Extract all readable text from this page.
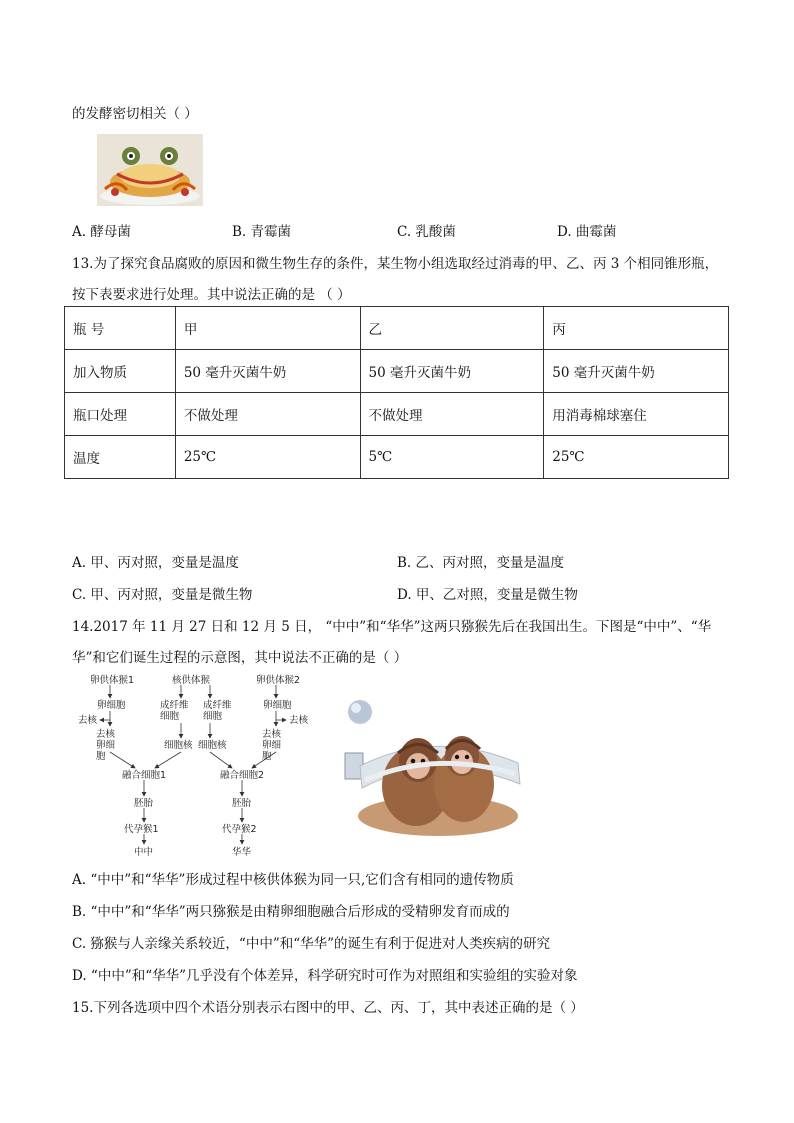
的发酵密切相关（ ）
A. 酵母菌	B. 青霉菌	C. 乳酸菌	D. 曲霉菌
13.为了探究食品腐败的原因和微生物生存的条件，某生物小组选取经过消毒的甲、乙、丙 3 个相同锥形瓶，
按下表要求进行处理。其中说法正确的是 （ ）
瓶 号	甲	乙	丙
加入物质	50 毫升灭菌牛奶	50 毫升灭菌牛奶	50 毫升灭菌牛奶
瓶口处理	不做处理	不做处理	用消毒棉球塞住
温度	25℃	5℃	25℃
A. 甲、丙对照，变量是温度	B. 乙、丙对照，变量是温度
C. 甲、丙对照，变量是微生物	D. 甲、乙对照，变量是微生物
14.2017 年 11 月 27 日和 12 月 5 日， “中中”和“华华”这两只猕猴先后在我国出生。下图是“中中”、“华
华”和它们诞生过程的示意图，其中说法不正确的是（ ）
卵供体猴1	核供体猴	卵供体猴2
卵细胞	成纤维细胞
成纤维细胞
卵细胞
去核	去核
去核卵细胞
细胞核 细胞核
去核卵细胞
融合细胞1	融合细胞2
胚胎	胚胎
代孕猴1	代孕猴2
中中	华华
A. “中中”和“华华”形成过程中核供体猴为同一只,它们含有相同的遗传物质
B. “中中”和“华华”两只猕猴是由精卵细胞融合后形成的受精卵发育而成的
C. 猕猴与人亲缘关系较近，“中中”和“华华”的诞生有利于促进对人类疾病的研究
D. “中中”和“华华”几乎没有个体差异，科学研究时可作为对照组和实验组的实验对象
15.下列各选项中四个术语分别表示右图中的甲、乙、丙、丁，其中表述正确的是（ ）
